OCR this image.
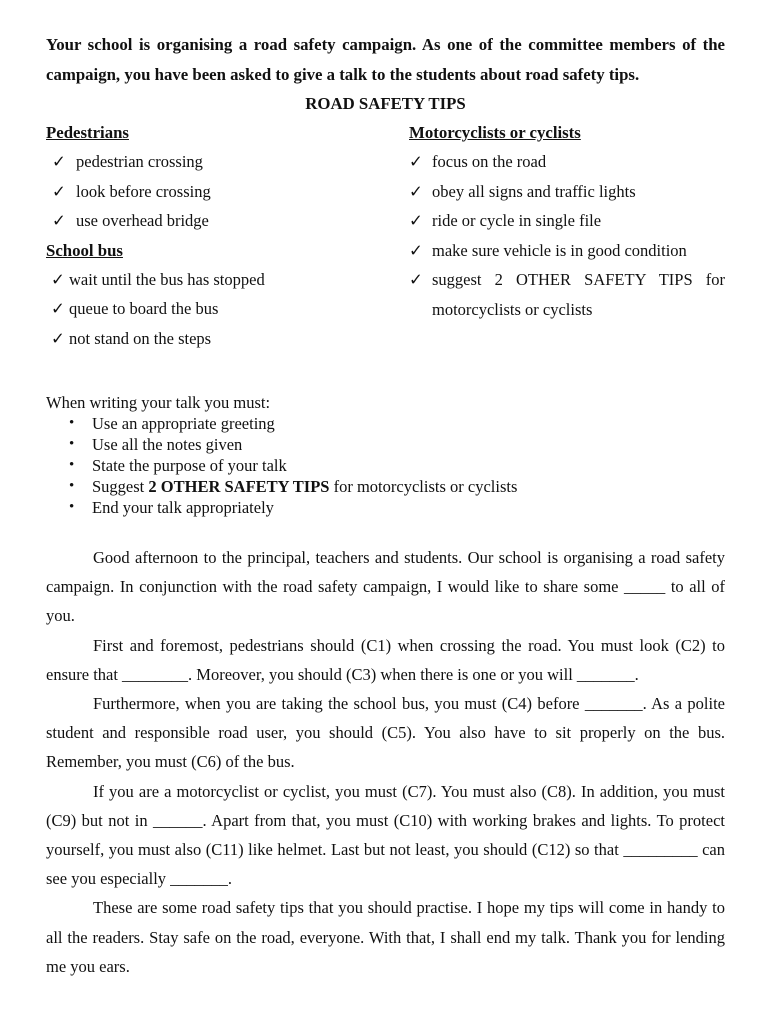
Your school is organising a road safety campaign. As one of the committee members of the campaign, you have been asked to give a talk to the students about road safety tips.

ROAD SAFETY TIPS

Pedestrians
✓ pedestrian crossing
✓ look before crossing
✓ use overhead bridge
School bus
✓ wait until the bus has stopped
✓ queue to board the bus
✓ not stand on the steps
Motorcyclists or cyclists
✓ focus on the road
✓ obey all signs and traffic lights
✓ ride or cycle in single file
✓ make sure vehicle is in good condition
✓ suggest 2 OTHER SAFETY TIPS for
motorcyclists or cyclists

When writing your talk you must:

• Use an appropriate greeting
• Use all the notes given
• State the purpose of your talk
• Suggest 2 OTHER SAFETY TIPS for motorcyclists or cyclists
• End your talk appropriately

Good afternoon to the principal, teachers and students. Our school is organising a road safety campaign. In conjunction with the road safety campaign, I would like to share some _____ to all of you.

First and foremost, pedestrians should (C1) when crossing the road. You must look (C2) to ensure that ________. Moreover, you should (C3) when there is one or you will _______.

Furthermore, when you are taking the school bus, you must (C4) before _______. As a polite student and responsible road user, you should (C5). You also have to sit properly on the bus. Remember, you must (C6) of the bus.

If you are a motorcyclist or cyclist, you must (C7). You must also (C8). In addition, you must (C9) but not in ______. Apart from that, you must (C10) with working brakes and lights. To protect yourself, you must also (C11) like helmet. Last but not least, you should (C12) so that _________ can see you especially _______.

These are some road safety tips that you should practise. I hope my tips will come in handy to all the readers. Stay safe on the road, everyone. With that, I shall end my talk. Thank you for lending me you ears.
